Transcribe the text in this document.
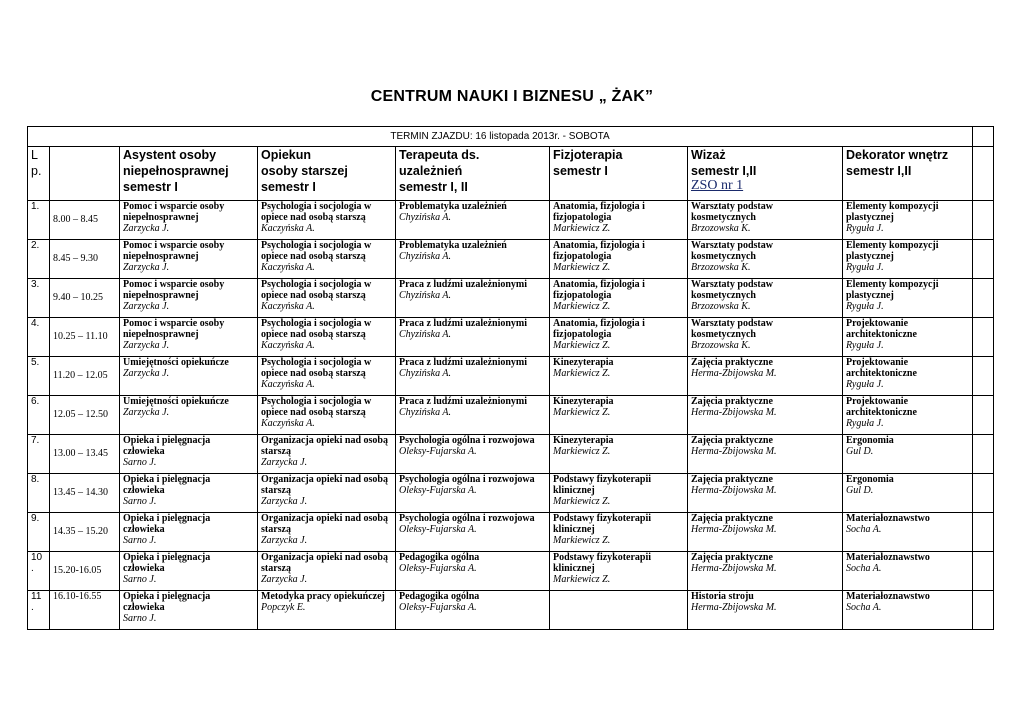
CENTRUM NAUKI I BIZNESU „ ŻAK”
TERMIN ZJAZDU: 16 listopada 2013r. - SOBOTA								
L
p.		Asystent osoby
niepełnosprawnej
semestr I	Opiekun
osoby starszej
semestr I	Terapeuta ds.
uzależnień
semestr I, II	Fizjoterapia
semestr I	Wizaż
semestr I,II
ZSO nr 1	Dekorator wnętrz
semestr I,II	

1.	8.00 – 8.45	Pomoc i wsparcie osoby niepełnosprawnej
Zarzycka J.	Psychologia i socjologia w opiece nad osobą starszą
Kaczyńska A.	Problematyka uzależnień
Chyzińska A.	Anatomia, fizjologia i fizjopatologia
Markiewicz Z.	Warsztaty podstaw kosmetycznych
Brzozowska K.	Elementy kompozycji plastycznej
Ryguła J.	

2.	8.45 – 9.30	Pomoc i wsparcie osoby niepełnosprawnej
Zarzycka J.	Psychologia i socjologia w opiece nad osobą starszą
Kaczyńska A.	Problematyka uzależnień
Chyzińska A.	Anatomia, fizjologia i fizjopatologia
Markiewicz Z.	Warsztaty podstaw kosmetycznych
Brzozowska K.	Elementy kompozycji plastycznej
Ryguła J.	

3.	9.40 – 10.25	Pomoc i wsparcie osoby niepełnosprawnej
Zarzycka J.	Psychologia i socjologia w opiece nad osobą starszą
Kaczyńska A.	Praca z ludźmi uzależnionymi
Chyzińska A.	Anatomia, fizjologia i fizjopatologia
Markiewicz Z.	Warsztaty podstaw kosmetycznych
Brzozowska K.	Elementy kompozycji plastycznej
Ryguła J.	

4.	10.25 – 11.10	Pomoc i wsparcie osoby niepełnosprawnej
Zarzycka J.	Psychologia i socjologia w opiece nad osobą starszą
Kaczyńska A.	Praca z ludźmi uzależnionymi
Chyzińska A.	Anatomia, fizjologia i fizjopatologia
Markiewicz Z.	Warsztaty podstaw kosmetycznych
Brzozowska K.	Projektowanie architektoniczne
Ryguła J.	

5.	11.20 – 12.05	Umiejętności opiekuńcze
Zarzycka J.	Psychologia i socjologia w opiece nad osobą starszą
Kaczyńska A.	Praca z ludźmi uzależnionymi
Chyzińska A.	Kinezyterapia
Markiewicz Z.	Zajęcia praktyczne
Herma-Zbijowska M.	Projektowanie architektoniczne
Ryguła J.	

6.	12.05 – 12.50	Umiejętności opiekuńcze
Zarzycka J.	Psychologia i socjologia w opiece nad osobą starszą
Kaczyńska A.	Praca z ludźmi uzależnionymi
Chyzińska A.	Kinezyterapia
Markiewicz Z.	Zajęcia praktyczne
Herma-Zbijowska M.	Projektowanie architektoniczne
Ryguła J.	

7.	13.00 – 13.45	Opieka i pielęgnacja człowieka
Sarno J.	Organizacja opieki nad osobą starszą
Zarzycka J.	Psychologia ogólna i rozwojowa
Oleksy-Fujarska A.	Kinezyterapia
Markiewicz Z.	Zajęcia praktyczne
Herma-Zbijowska M.	Ergonomia
Gul D.	

8.	13.45 – 14.30	Opieka i pielęgnacja człowieka
Sarno J.	Organizacja opieki nad osobą starszą
Zarzycka J.	Psychologia ogólna i rozwojowa
Oleksy-Fujarska A.	Podstawy fizykoterapii klinicznej
Markiewicz Z.	Zajęcia praktyczne
Herma-Zbijowska M.	Ergonomia
Gul D.	

9.	14.35 – 15.20	Opieka i pielęgnacja człowieka
Sarno J.	Organizacja opieki nad osobą starszą
Zarzycka J.	Psychologia ogólna i rozwojowa
Oleksy-Fujarska A.	Podstawy fizykoterapii klinicznej
Markiewicz Z.	Zajęcia praktyczne
Herma-Zbijowska M.	Materiałoznawstwo
Socha A.	

10 .	15.20-16.05	Opieka i pielęgnacja człowieka
Sarno J.	Organizacja opieki nad osobą starszą
Zarzycka J.	Pedagogika ogólna
Oleksy-Fujarska A.	Podstawy fizykoterapii klinicznej
Markiewicz Z.	Zajęcia praktyczne
Herma-Zbijowska M.	Materiałoznawstwo
Socha A.	

11 .	16.10-16.55	Opieka i pielęgnacja człowieka
Sarno J.	Metodyka pracy opiekuńczej
Popczyk E.	Pedagogika ogólna
Oleksy-Fujarska A.		Historia stroju
Herma-Zbijowska M.	Materiałoznawstwo
Socha A.	
